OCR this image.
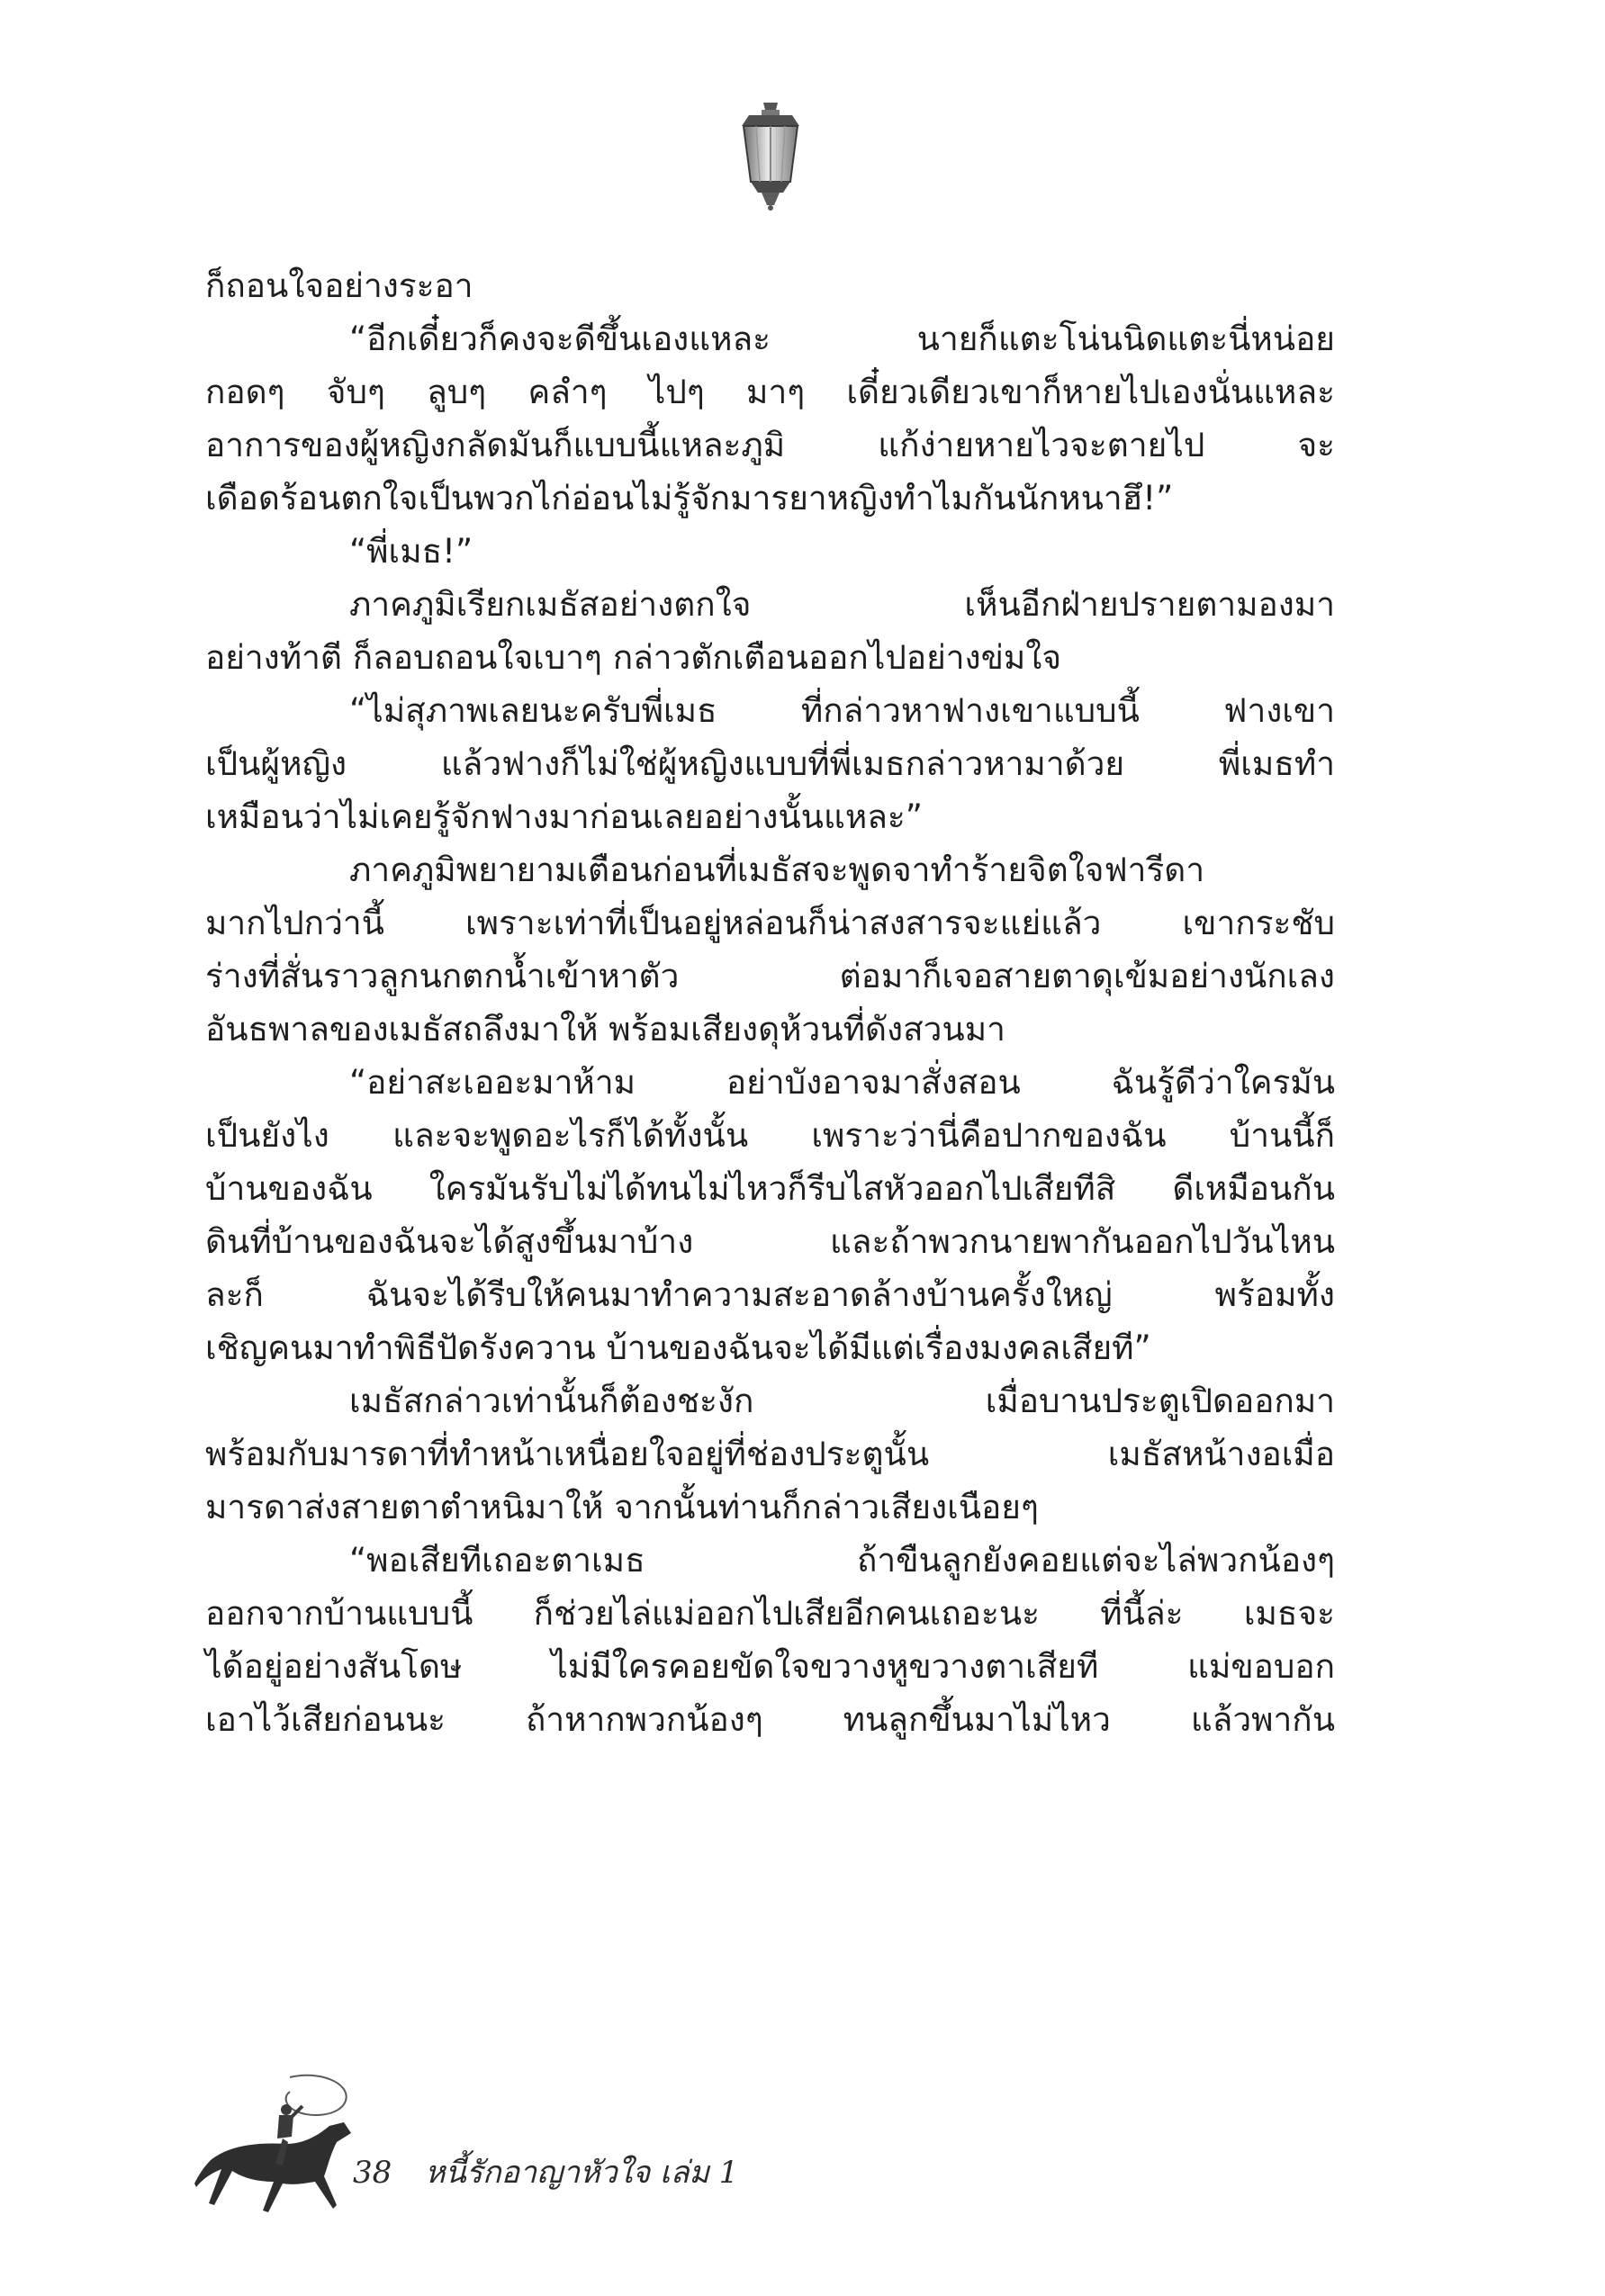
ก็ถอนใจอย่างระอา
“อีกเดี๋ยวก็คงจะดีขึ้นเองแหละ นายก็แตะโน่นนิดแตะนี่หน่อย
กอดๆ จับๆ ลูบๆ คลำๆ ไปๆ มาๆ เดี๋ยวเดียวเขาก็หายไปเองนั่นแหละ
อาการของผู้หญิงกลัดมันก็แบบนี้แหละภูมิ แก้ง่ายหายไวจะตายไป จะ
เดือดร้อนตกใจเป็นพวกไก่อ่อนไม่รู้จักมารยาหญิงทำไมกันนักหนาฮึ!”
“พี่เมธ!”
ภาคภูมิเรียกเมธัสอย่างตกใจ เห็นอีกฝ่ายปรายตามองมา
อย่างท้าตี ก็ลอบถอนใจเบาๆ กล่าวตักเตือนออกไปอย่างข่มใจ
“ไม่สุภาพเลยนะครับพี่เมธ ที่กล่าวหาฟางเขาแบบนี้ ฟางเขา
เป็นผู้หญิง แล้วฟางก็ไม่ใช่ผู้หญิงแบบที่พี่เมธกล่าวหามาด้วย พี่เมธทำ
เหมือนว่าไม่เคยรู้จักฟางมาก่อนเลยอย่างนั้นแหละ”
ภาคภูมิพยายามเตือนก่อนที่เมธัสจะพูดจาทำร้ายจิตใจฟารีดา
มากไปกว่านี้ เพราะเท่าที่เป็นอยู่หล่อนก็น่าสงสารจะแย่แล้ว เขากระชับ
ร่างที่สั่นราวลูกนกตกน้ำเข้าหาตัว ต่อมาก็เจอสายตาดุเข้มอย่างนักเลง
อันธพาลของเมธัสถลึงมาให้ พร้อมเสียงดุห้วนที่ดังสวนมา
“อย่าสะเออะมาห้าม อย่าบังอาจมาสั่งสอน ฉันรู้ดีว่าใครมัน
เป็นยังไง และจะพูดอะไรก็ได้ทั้งนั้น เพราะว่านี่คือปากของฉัน บ้านนี้ก็
บ้านของฉัน ใครมันรับไม่ได้ทนไม่ไหวก็รีบไสหัวออกไปเสียทีสิ ดีเหมือนกัน
ดินที่บ้านของฉันจะได้สูงขึ้นมาบ้าง และถ้าพวกนายพากันออกไปวันไหน
ละก็ ฉันจะได้รีบให้คนมาทำความสะอาดล้างบ้านครั้งใหญ่ พร้อมทั้ง
เชิญคนมาทำพิธีปัดรังควาน บ้านของฉันจะได้มีแต่เรื่องมงคลเสียที”
เมธัสกล่าวเท่านั้นก็ต้องชะงัก เมื่อบานประตูเปิดออกมา
พร้อมกับมารดาที่ทำหน้าเหนื่อยใจอยู่ที่ช่องประตูนั้น เมธัสหน้างอเมื่อ
มารดาส่งสายตาตำหนิมาให้ จากนั้นท่านก็กล่าวเสียงเนือยๆ
“พอเสียทีเถอะตาเมธ ถ้าขืนลูกยังคอยแต่จะไล่พวกน้องๆ
ออกจากบ้านแบบนี้ ก็ช่วยไล่แม่ออกไปเสียอีกคนเถอะนะ ที่นี้ล่ะ เมธจะ
ได้อยู่อย่างสันโดษ ไม่มีใครคอยขัดใจขวางหูขวางตาเสียที แม่ขอบอก
เอาไว้เสียก่อนนะ ถ้าหากพวกน้องๆ ทนลูกขึ้นมาไม่ไหว แล้วพากัน
38 หนี้รักอาญาหัวใจ เล่ม 1
